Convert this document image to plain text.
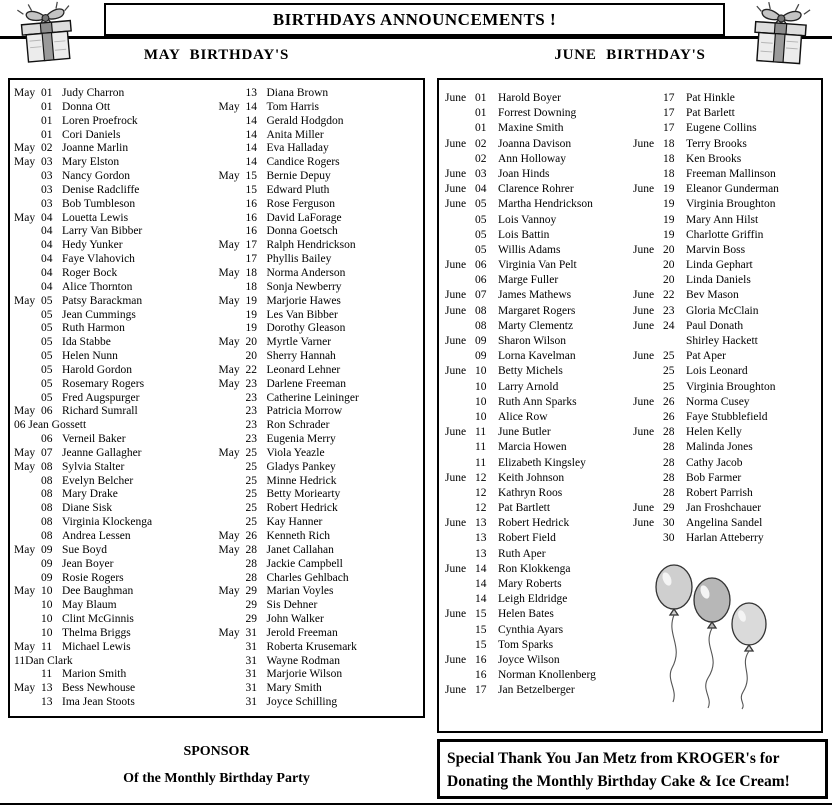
BIRTHDAYS ANNOUNCEMENTS !
MAY BIRTHDAY'S	JUNE BIRTHDAY'S
May 01 Judy Charron
01 Donna Ott
01 Loren Proefrock
01 Cori Daniels
May 02 Joanne Marlin
May 03 Mary Elston
03 Nancy Gordon
03 Denise Radcliffe
03 Bob Tumbleson
May 04 Louetta Lewis
04 Larry Van Bibber
04 Hedy Yunker
04 Faye Vlahovich
04 Roger Bock
04 Alice Thornton
May 05 Patsy Barackman
05 Jean Cummings
05 Ruth Harmon
05 Ida Stabbe
05 Helen Nunn
05 Harold Gordon
05 Rosemary Rogers
05 Fred Augspurger
May 06 Richard Sumrall
06 Jean Gossett
06 Verneil Baker
May 07 Jeanne Gallagher
May 08 Sylvia Stalter
08 Evelyn Belcher
08 Mary Drake
08 Diane Sisk
08 Virginia Klockenga
08 Andrea Lessen
May 09 Sue Boyd
09 Jean Boyer
09 Rosie Rogers
May 10 Dee Baughman
10 May Blaum
10 Clint McGinnis
10 Thelma Briggs
May 11 Michael Lewis
11Dan Clark
11 Marion Smith
May 13 Bess Newhouse
13 Ima Jean Stoots
13 Diana Brown
May 14 Tom Harris
14 Gerald Hodgdon
14 Anita Miller
14 Eva Halladay
14 Candice Rogers
May 15 Bernie Depuy
15 Edward Pluth
16 Rose Ferguson
16 David LaForage
16 Donna Goetsch
May 17 Ralph Hendrickson
17 Phyllis Bailey
May 18 Norma Anderson
18 Sonja Newberry
May 19 Marjorie Hawes
19 Les Van Bibber
19 Dorothy Gleason
May 20 Myrtle Varner
20 Sherry Hannah
May 22 Leonard Lehner
May 23 Darlene Freeman
23 Catherine Leininger
23 Patricia Morrow
23 Ron Schrader
23 Eugenia Merry
May 25 Viola Yeazle
25 Gladys Pankey
25 Minne Hedrick
25 Betty Moriearty
25 Robert Hedrick
25 Kay Hanner
May 26 Kenneth Rich
May 28 Janet Callahan
28 Jackie Campbell
28 Charles Gehlbach
May 29 Marian Voyles
29 Sis Dehner
29 John Walker
May 31 Jerold Freeman
31 Roberta Krusemark
31 Wayne Rodman
31 Marjorie Wilson
31 Mary Smith
31 Joyce Schilling
June 01	Harold Boyer
01	Forrest Downing
01	Maxine Smith
June 02	Joanna Davison
02	Ann Holloway
June 03	Joan Hinds
June 04	Clarence Rohrer
June 05	Martha Hendrickson
05	Lois Vannoy
05	Lois Battin
05	Willis Adams
June 06	Virginia Van Pelt
06	Marge Fuller
June 07	James Mathews
June 08	Margaret Rogers
08	Marty Clementz
June 09	Sharon Wilson
09	Lorna Kavelman
June 10	Betty Michels
10	Larry Arnold
10	Ruth Ann Sparks
10	Alice Row
June 11	June Butler
11	Marcia Howen
11	Elizabeth Kingsley
June 12	Keith Johnson
12	Kathryn Roos
12	Pat Bartlett
June 13	Robert Hedrick
13	Robert Field
13	Ruth Aper
June 14	Ron Klokkenga
14	Mary Roberts
14	Leigh Eldridge
June 15	Helen Bates
15	Cynthia Ayars
15	Tom Sparks
June 16	Joyce Wilson
16	Norman Knollenberg
June 17	Jan Betzelberger
17	Pat Hinkle
17	Pat Barlett
17	Eugene Collins
June 18	Terry Brooks
18	Ken Brooks
18	Freeman Mallinson
June 19	Eleanor Gunderman
19	Virginia Broughton
19	Mary Ann Hilst
19	Charlotte Griffin
June 20	Marvin Boss
20	Linda Gephart
20	Linda Daniels
June 22	Bev Mason
June 23	Gloria McClain
June 24	Paul Donath
Shirley Hackett
June 25	Pat Aper
25	Lois Leonard
25	Virginia Broughton
June 26	Norma Cusey
26	Faye Stubblefield
June 28	Helen Kelly
28	Malinda Jones
28	Cathy Jacob
28	Bob Farmer
28	Robert Parrish
June 29	Jan Froshchauer
June 30	Angelina Sandel
30	Harlan Atteberry
SPONSOR
Of the Monthly Birthday Party
Special Thank You Jan Metz from KROGER's for
Donating the Monthly Birthday Cake & Ice Cream!
